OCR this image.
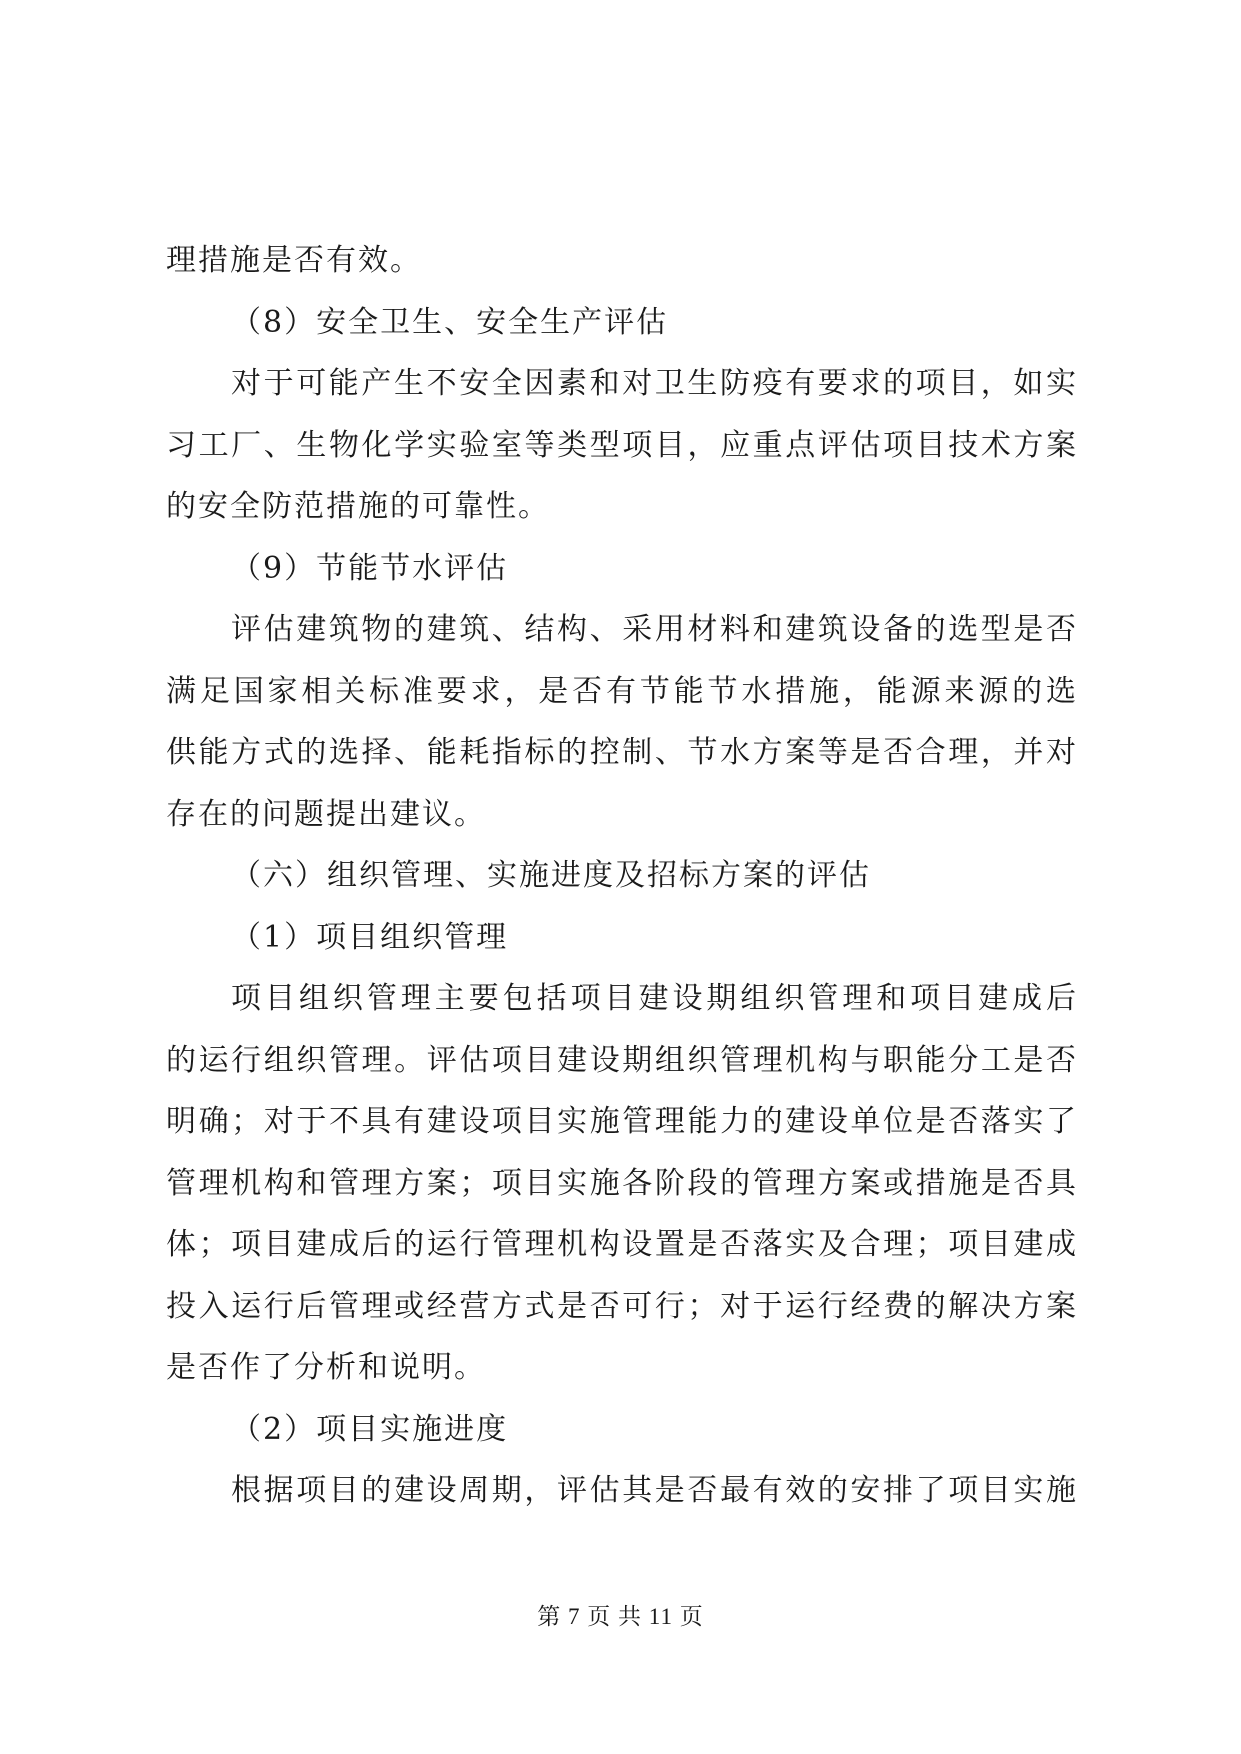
理措施是否有效。
（8）安全卫生、安全生产评估
对于可能产生不安全因素和对卫生防疫有要求的项目，如实
习工厂、生物化学实验室等类型项目，应重点评估项目技术方案
的安全防范措施的可靠性。
（9）节能节水评估
评估建筑物的建筑、结构、采用材料和建筑设备的选型是否
满足国家相关标准要求，是否有节能节水措施，能源来源的选
供能方式的选择、能耗指标的控制、节水方案等是否合理，并对
存在的问题提出建议。
（六）组织管理、实施进度及招标方案的评估
（1）项目组织管理
项目组织管理主要包括项目建设期组织管理和项目建成后
的运行组织管理。评估项目建设期组织管理机构与职能分工是否
明确；对于不具有建设项目实施管理能力的建设单位是否落实了
管理机构和管理方案；项目实施各阶段的管理方案或措施是否具
体；项目建成后的运行管理机构设置是否落实及合理；项目建成
投入运行后管理或经营方式是否可行；对于运行经费的解决方案
是否作了分析和说明。
（2）项目实施进度
根据项目的建设周期，评估其是否最有效的安排了项目实施
第 7 页 共 11 页
